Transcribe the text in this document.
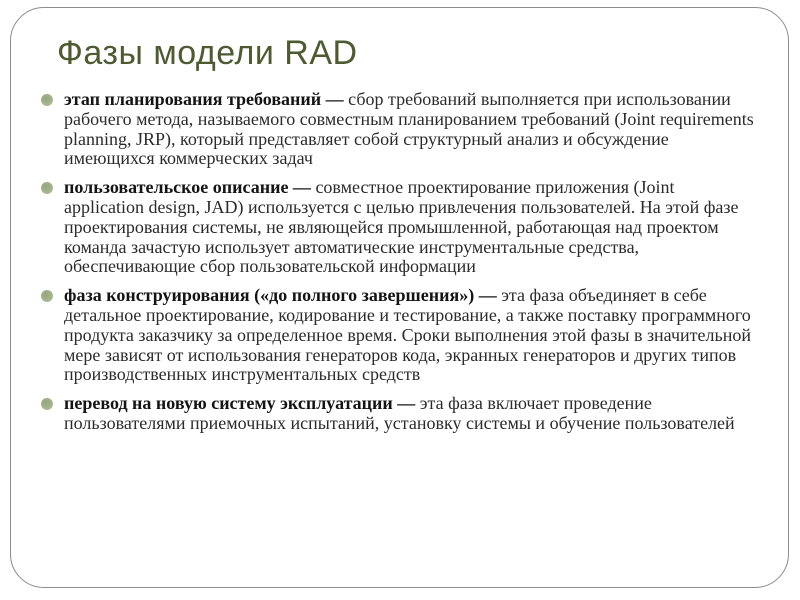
Фазы модели RAD

этап планирования требований — сбор требований выполняется при использовании рабочего метода, называемого совместным планированием требований (Joint requirements planning, JRP), который представляет собой структурный анализ и обсуждение имеющихся коммерческих задач

пользовательское описание — совместное проектирование приложения (Joint application design, JAD) используется с целью привлечения пользователей. На этой фазе проектирования системы, не являющейся промышленной, работающая над проектом команда зачастую использует автоматические инструментальные средства, обеспечивающие сбор пользовательской информации

фаза конструирования («до полного завершения») — эта фаза объединяет в себе детальное проектирование, кодирование и тестирование, а также поставку программного продукта заказчику за определенное время. Сроки выполнения этой фазы в значительной мере зависят от использования генераторов кода, экранных генераторов и других типов производственных инструментальных средств

перевод на новую систему эксплуатации — эта фаза включает проведение пользователями приемочных испытаний, установку системы и обучение пользователей
